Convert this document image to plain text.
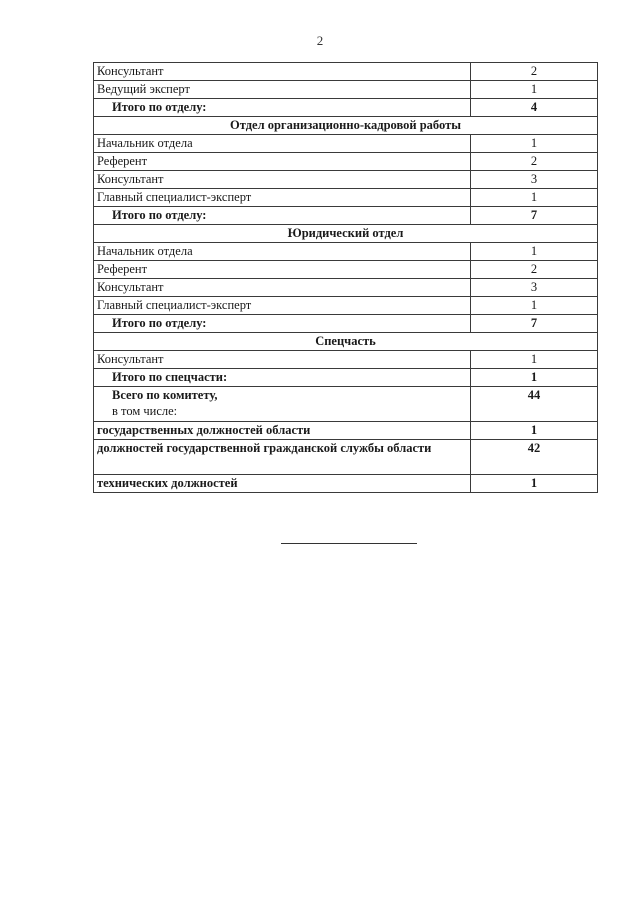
2
Консультант	2
Ведущий эксперт	1
Итого по отделу:	4
Отдел организационно-кадровой работы	
Начальник отдела	1
Референт	2
Консультант	3
Главный специалист-эксперт	1
Итого по отделу:	7
Юридический отдел	
Начальник отдела	1
Референт	2
Консультант	3
Главный специалист-эксперт	1
Итого по отделу:	7
Спецчасть	
Консультант	1
Итого по спецчасти:	1
Всего по комитету,
в том числе:	44
государственных должностей области	1
должностей государственной гражданской службы области	42
технических должностей	1
